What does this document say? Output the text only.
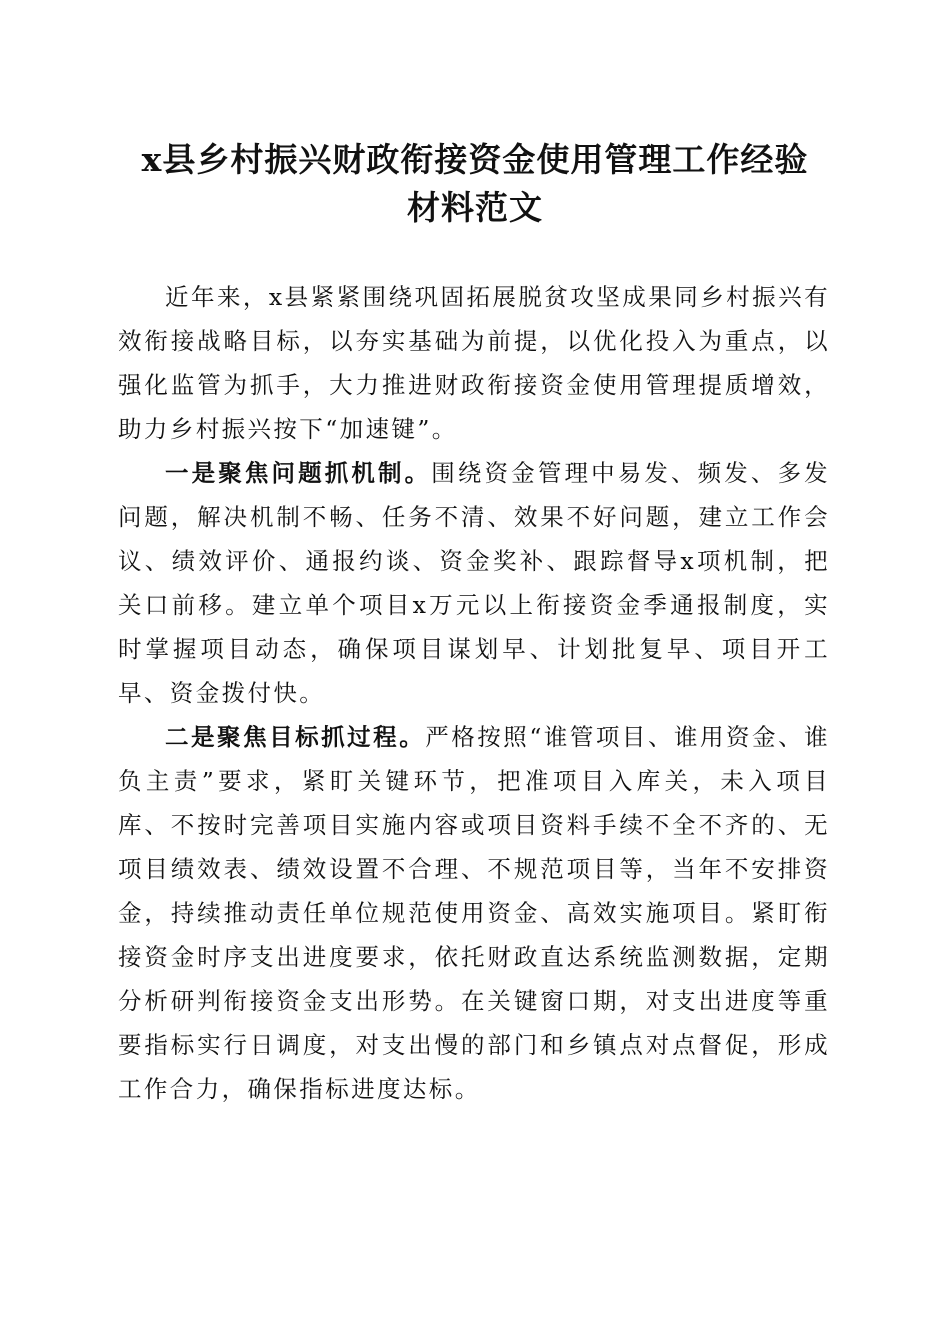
x县乡村振兴财政衔接资金使用管理工作经验
材料范文

近年来，x县紧紧围绕巩固拓展脱贫攻坚成果同乡村振兴有效衔接战略目标，以夯实基础为前提，以优化投入为重点，以强化监管为抓手，大力推进财政衔接资金使用管理提质增效，助力乡村振兴按下“加速键”。

一是聚焦问题抓机制。围绕资金管理中易发、频发、多发问题，解决机制不畅、任务不清、效果不好问题，建立工作会议、绩效评价、通报约谈、资金奖补、跟踪督导x项机制，把关口前移。建立单个项目x万元以上衔接资金季通报制度，实时掌握项目动态，确保项目谋划早、计划批复早、项目开工早、资金拨付快。

二是聚焦目标抓过程。严格按照“谁管项目、谁用资金、谁负主责”要求，紧盯关键环节，把准项目入库关，未入项目库、不按时完善项目实施内容或项目资料手续不全不齐的、无项目绩效表、绩效设置不合理、不规范项目等，当年不安排资金，持续推动责任单位规范使用资金、高效实施项目。紧盯衔接资金时序支出进度要求，依托财政直达系统监测数据，定期分析研判衔接资金支出形势。在关键窗口期，对支出进度等重要指标实行日调度，对支出慢的部门和乡镇点对点督促，形成工作合力，确保指标进度达标。
